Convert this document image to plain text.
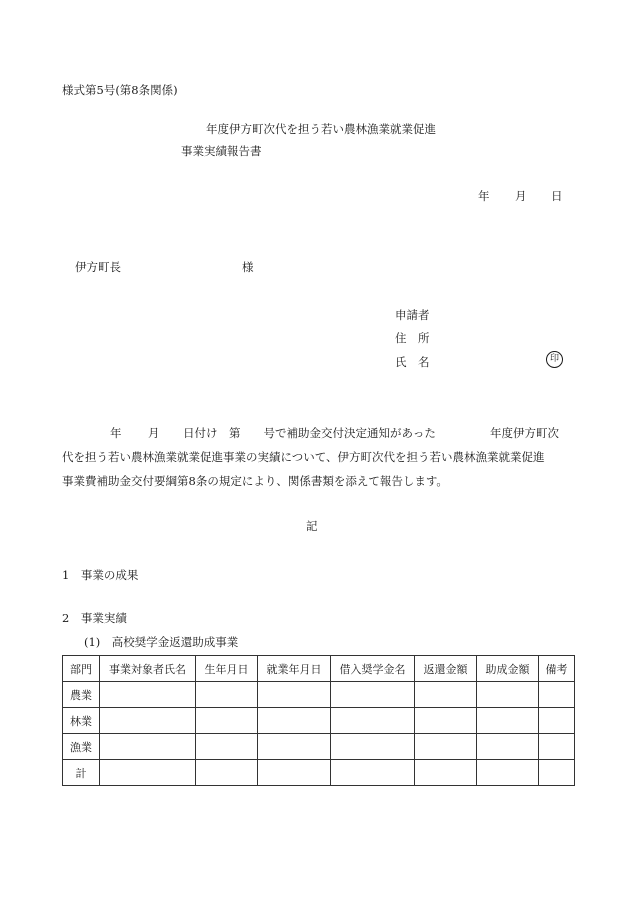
様式第5号(第8条関係)
年度伊方町次代を担う若い農林漁業就業促進
事業実績報告書
年 月 日
伊方町長	様
申請者
住　所
氏　名	印
年 月 日付け　第　　号で補助金交付決定通知があった	年度伊方町次
代を担う若い農林漁業就業促進事業の実績について、伊方町次代を担う若い農林漁業就業促進
事業費補助金交付要綱第8条の規定により、関係書類を添えて報告します。
記
1　事業の成果
2　事業実績
(1)　高校奨学金返還助成事業
部門	事業対象者氏名	生年月日	就業年月日	借入奨学金名	返還金額	助成金額	備考
農業							
林業							
漁業							
計							
